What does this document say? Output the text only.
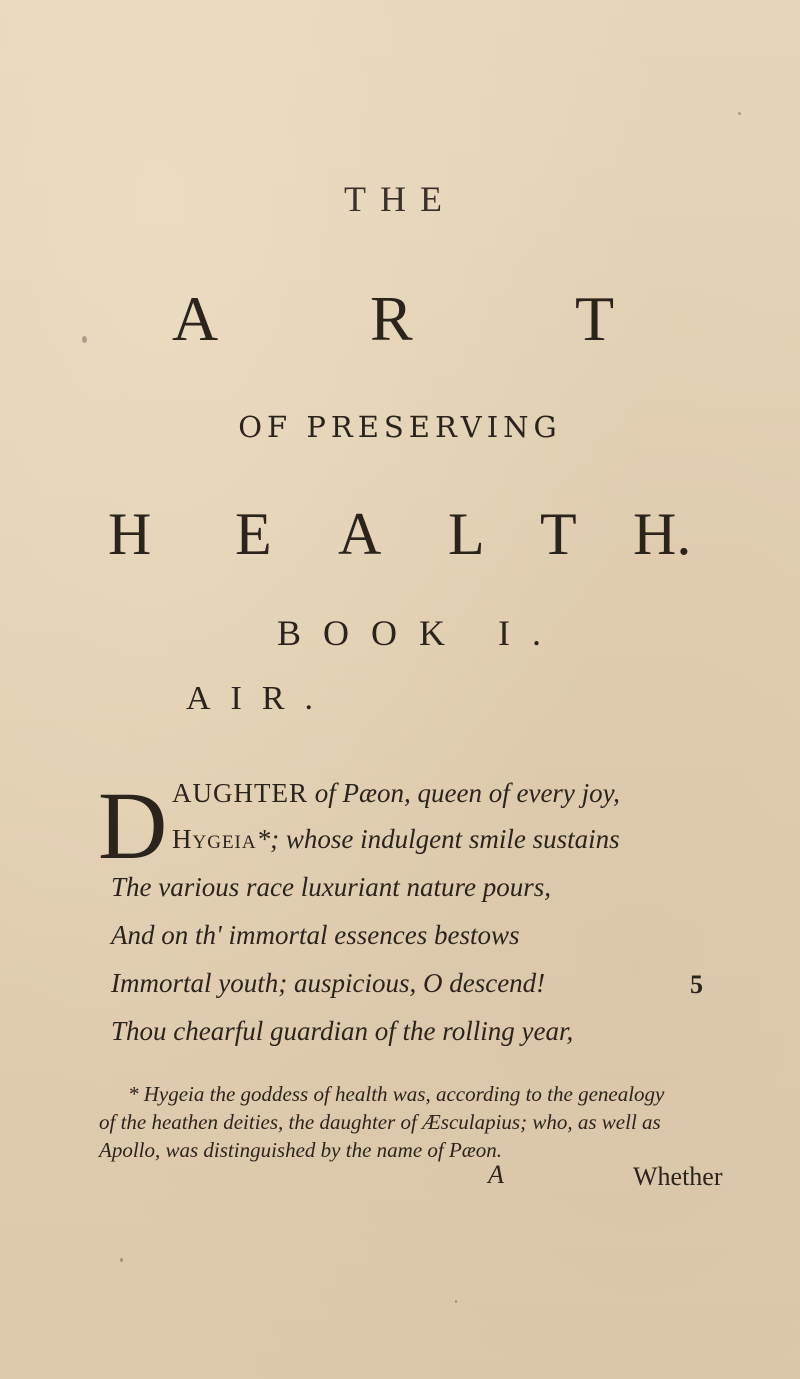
THE
A R	T
OF PRESERVING
H E A L T H.
BOOK I.
AIR.
D AUGHTER of Pæon, queen of every joy,
Hygeia*; whose indulgent smile sustains
The various race luxuriant nature pours,
And on th' immortal essences bestows
Immortal youth; auspicious, O descend!	5
Thou chearful guardian of the rolling year,
* Hygeia the goddess of health was, according to the genealogy
of the heathen deities, the daughter of Æsculapius; who, as well as
Apollo, was distinguished by the name of Pæon.
A	Whether
